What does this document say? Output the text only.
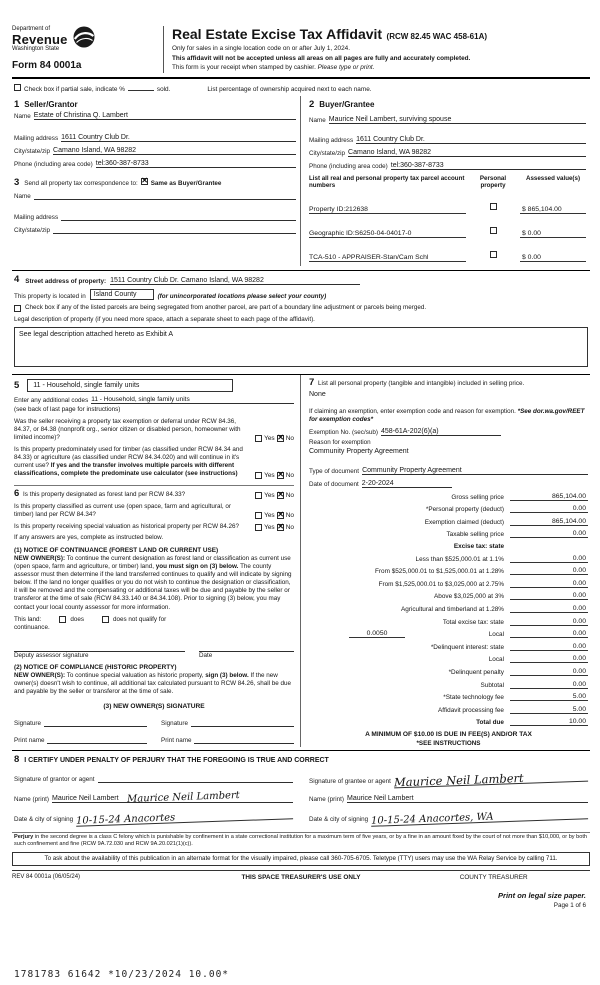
Department of
Revenue
Washington State
Form 84 0001a
Real Estate Excise Tax Affidavit (RCW 82.45 WAC 458-61A)
Only for sales in a single location code on or after July 1, 2024.
This affidavit will not be accepted unless all areas on all pages are fully and accurately completed.
This form is your receipt when stamped by cashier. Please type or print.
Check box if partial sale, indicate %	sold.	List percentage of ownership acquired next to each name.
1 Seller/Grantor
Name Estate of Christina Q. Lambert
Mailing address 1611 Country Club Dr.
City/state/zip Camano Island, WA 98282
Phone (including area code) tel:360-387-8733
2 Buyer/Grantee
Name Maurice Neil Lambert, surviving spouse
Mailing address 1611 Country Club Dr.
City/state/zip Camano Island, WA 98282
Phone (including area code) tel:360-387-8733
3 Send all property tax correspondence to: ✕ Same as Buyer/Grantee
Name
Mailing address
City/state/zip
List all real and personal property tax parcel account numbers
Personal property
Assessed value(s)
Property ID:212638	$ 865,104.00
Geographic ID:S6250-04-04017-0	$ 0.00
TCA-510 - APPRAISER-Stan/Cam Schl	$ 0.00
4 Street address of property: 1511 Country Club Dr. Camano Island, WA 98282
This property is located in	Island County	(for unincorporated locations please select your county)
Check box if any of the listed parcels are being segregated from another parcel, are part of a boundary line adjustment or parcels being merged.
Legal description of property (if you need more space, attach a separate sheet to each page of the affidavit).
See legal description attached hereto as Exhibit A
5	11 - Household, single family units
Enter any additional codes 11 - Household, single family units
(see back of last page for instructions)
Was the seller receiving a property tax exemption or deferral under RCW 84.36, 84.37, or 84.38 (nonprofit org., senior citizen or disabled person, homeowner with limited income)?	Yes ✕ No
Is this property predominately used for timber (as classified under RCW 84.34 and 84.33) or agriculture (as classified under RCW 84.34.020) and will continue in it's current use? If yes and the transfer involves multiple parcels with different classifications, complete the predominate use calculator (see instructions)	Yes ✕ No
6 Is this property designated as forest land per RCW 84.33?	Yes ✕ No
Is this property classified as current use (open space, farm and agricultural, or timber) land per RCW 84.34?	Yes ✕ No
Is this property receiving special valuation as historical property per RCW 84.26?	Yes ✕ No
If any answers are yes, complete as instructed below.
(1) NOTICE OF CONTINUANCE (FOREST LAND OR CURRENT USE)
NEW OWNER(S): To continue the current designation as forest land or classification as current use (open space, farm and agriculture, or timber) land, you must sign on (3) below. The county assessor must then determine if the land transferred continues to qualify and will indicate by signing below. If the land no longer qualifies or you do not wish to continue the designation or classification, it will be removed and the compensating or additional taxes will be due and payable by the seller or transferor at the time of sale (RCW 84.33.140 or 84.34.108). Prior to signing (3) below, you may contact your local county assessor for more information.
This land:	does	does not qualify for
continuance.
Deputy assessor signature	Date
(2) NOTICE OF COMPLIANCE (HISTORIC PROPERTY)
NEW OWNER(S): To continue special valuation as historic property, sign (3) below. If the new owner(s) doesn't wish to continue, all additional tax calculated pursuant to RCW 84.26, shall be due and payable by the seller or transferor at the time of sale.
(3) NEW OWNER(S) SIGNATURE
Signature	Signature
Print name	Print name
7 List all personal property (tangible and intangible) included in selling price.
None
If claiming an exemption, enter exemption code and reason for exemption. *See dor.wa.gov/REET for exemption codes*
Exemption No. (sec/sub) 458-61A-202(6)(a)
Reason for exemption
Community Property Agreement
Type of document Community Property Agreement
Date of document 2-20-2024
Gross selling price	865,104.00
*Personal property (deduct)	0.00
Exemption claimed (deduct)	865,104.00
Taxable selling price	0.00
Excise tax: state
Less than $525,000.01 at 1.1%	0.00
From $525,000.01 to $1,525,000.01 at 1.28%	0.00
From $1,525,000.01 to $3,025,000 at 2.75%	0.00
Above $3,025,000 at 3%	0.00
Agricultural and timberland at 1.28%	0.00
Total excise tax: state	0.00
0.0050	Local	0.00
*Delinquent interest: state	0.00
Local	0.00
*Delinquent penalty	0.00
Subtotal	0.00
*State technology fee	5.00
Affidavit processing fee	5.00
Total due	10.00
A MINIMUM OF $10.00 IS DUE IN FEE(S) AND/OR TAX
*SEE INSTRUCTIONS
8 I CERTIFY UNDER PENALTY OF PERJURY THAT THE FOREGOING IS TRUE AND CORRECT
Signature of grantor or agent
Name (print) Maurice Neil Lambert Maurice Neil Lambert
Date & city of signing 10-15-24 Anacortes
Signature of grantee or agent Maurice Neil Lambert
Name (print) Maurice Neil Lambert
Date & city of signing 10-15-24 Anacortes, WA
Perjury in the second degree is a class C felony which is punishable by confinement in a state correctional institution for a maximum term of five years, or by a fine in an amount fixed by the court of not more than $10,000, or by both such confinement and fine (RCW 9A.72.030 and RCW 9A.20.021(1)(c)).
To ask about the availability of this publication in an alternate format for the visually impaired, please call 360-705-6705. Teletype (TTY) users may use the WA Relay Service by calling 711.
REV 84 0001a (06/05/24)	THIS SPACE TREASURER'S USE ONLY	COUNTY TREASURER
Print on legal size paper.
Page 1 of 6
1781783 61642 *10/23/2024 10.00*
